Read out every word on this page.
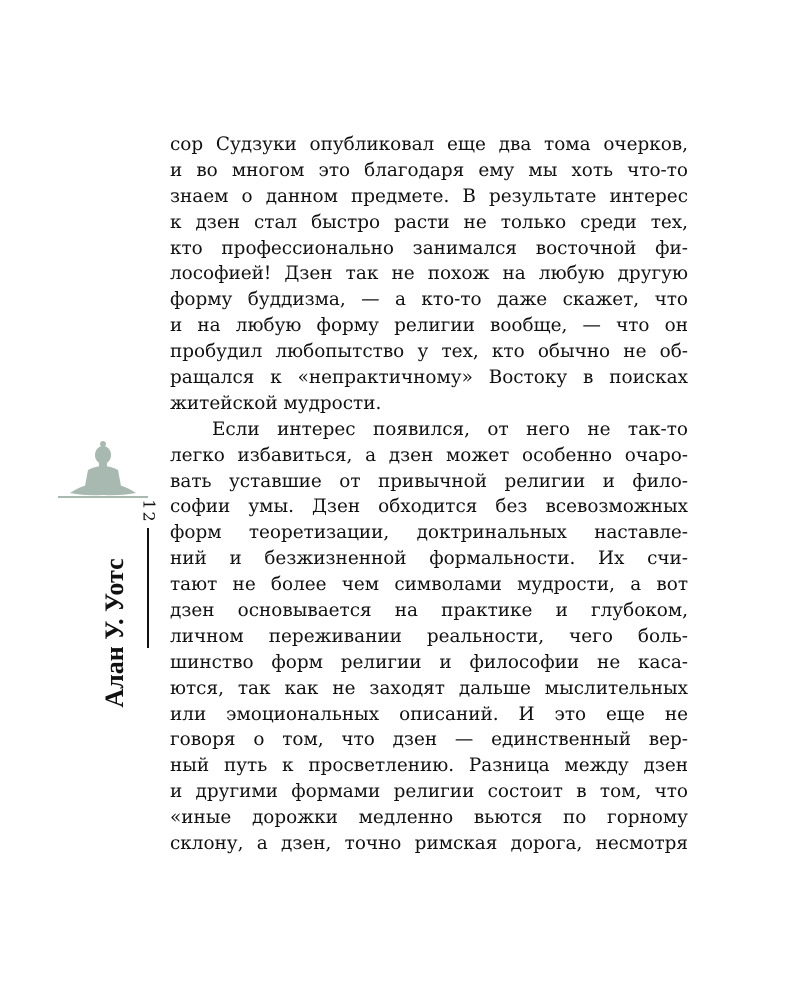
сор Судзуки опубликовал еще два тома очерков,
и во многом это благодаря ему мы хоть что-то
знаем о данном предмете. В результате интерес
к дзен стал быстро расти не только среди тех,
кто профессионально занимался восточной фи-
лософией! Дзен так не похож на любую другую
форму буддизма, — а кто-то даже скажет, что
и на любую форму религии вообще, — что он
пробудил любопытство у тех, кто обычно не об-
ращался к «непрактичному» Востоку в поисках
житейской мудрости.
Если интерес появился, от него не так-то
легко избавиться, а дзен может особенно очаро-
вать уставшие от привычной религии и фило-
софии умы. Дзен обходится без всевозможных
форм теоретизации, доктринальных наставле-
ний и безжизненной формальности. Их счи-
тают не более чем символами мудрости, а вот
дзен основывается на практике и глубоком,
личном переживании реальности, чего боль-
шинство форм религии и философии не каса-
ются, так как не заходят дальше мыслительных
или эмоциональных описаний. И это еще не
говоря о том, что дзен — единственный вер-
ный путь к просветлению. Разница между дзен
и другими формами религии состоит в том, что
«иные дорожки медленно вьются по горному
склону, а дзен, точно римская дорога, несмотря
12
Алан У. Уотс
